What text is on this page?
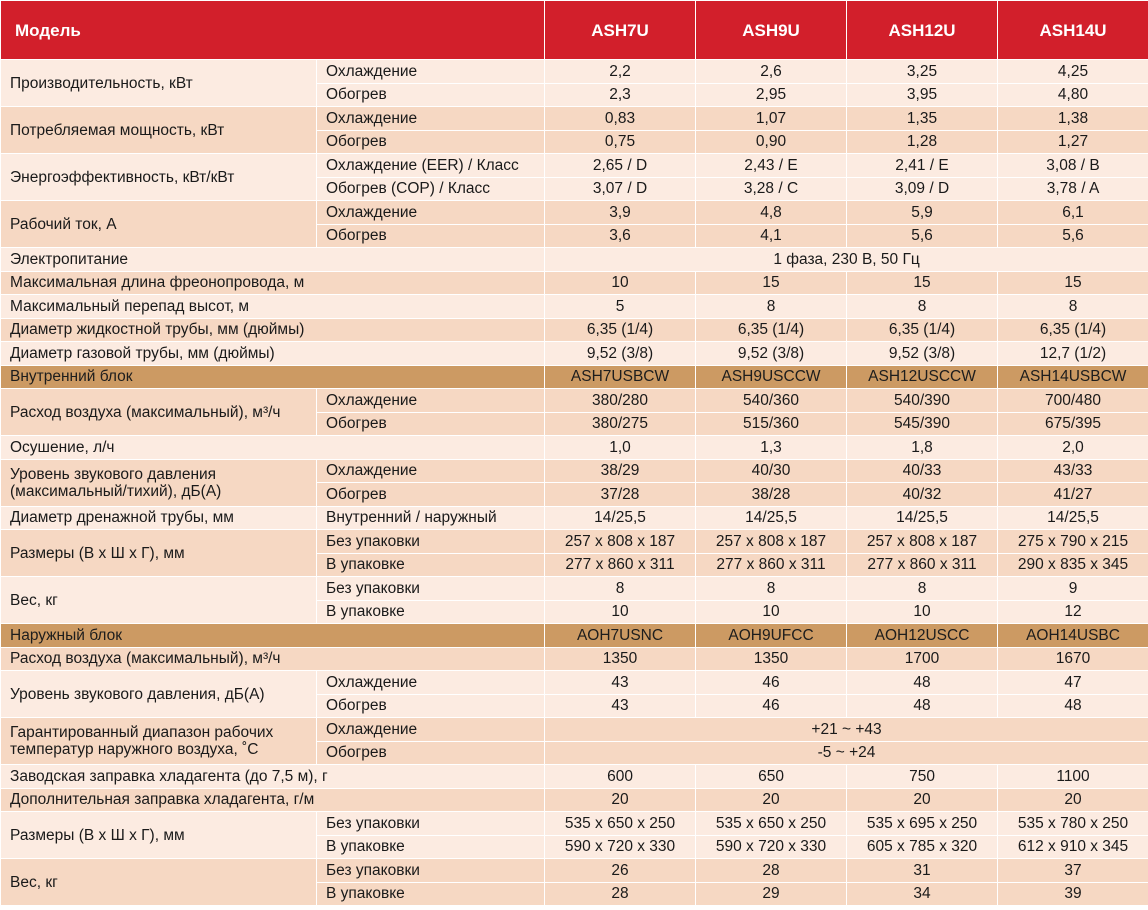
Модель		ASH7U	ASH9U	ASH12U	ASH14U
Производительность, кВт	Охлаждение	2,2	2,6	3,25	4,25
	Обогрев	2,3	2,95	3,95	4,80
Потребляемая мощность, кВт	Охлаждение	0,83	1,07	1,35	1,38
	Обогрев	0,75	0,90	1,28	1,27
Энергоэффективность, кВт/кВт	Охлаждение (EER) / Класс	2,65 / D	2,43 / E	2,41 / E	3,08 / B
	Обогрев (COP) / Класс	3,07 / D	3,28 / C	3,09 / D	3,78 / A
Рабочий ток, А	Охлаждение	3,9	4,8	5,9	6,1
	Обогрев	3,6	4,1	5,6	5,6
Электропитание		1 фаза, 230 В, 50 Гц			
Максимальная длина фреонопровода, м		10	15	15	15
Максимальный перепад высот, м		5	8	8	8
Диаметр жидкостной трубы, мм (дюймы)		6,35 (1/4)	6,35 (1/4)	6,35 (1/4)	6,35 (1/4)
Диаметр газовой трубы, мм (дюймы)		9,52 (3/8)	9,52 (3/8)	9,52 (3/8)	12,7 (1/2)
Внутренний блок		ASH7USBCW	ASH9USCCW	ASH12USCCW	ASH14USBCW
Расход воздуха (максимальный), м³/ч	Охлаждение	380/280	540/360	540/390	700/480
	Обогрев	380/275	515/360	545/390	675/395
Осушение, л/ч		1,0	1,3	1,8	2,0
Уровень звукового давления (максимальный/тихий), дБ(А)	Охлаждение	38/29	40/30	40/33	43/33
	Обогрев	37/28	38/28	40/32	41/27
Диаметр дренажной трубы, мм	Внутренний / наружный	14/25,5	14/25,5	14/25,5	14/25,5
Размеры (В х Ш х Г), мм	Без упаковки	257 x 808 x 187	257 x 808 x 187	257 x 808 x 187	275 x 790 x 215
	В упаковке	277 x 860 x 311	277 x 860 x 311	277 x 860 x 311	290 x 835 x 345
Вес, кг	Без упаковки	8	8	8	9
	В упаковке	10	10	10	12
Наружный блок		AOH7USNC	AOH9UFCC	AOH12USCC	AOH14USBC
Расход воздуха (максимальный), м³/ч		1350	1350	1700	1670
Уровень звукового давления, дБ(А)	Охлаждение	43	46	48	47
	Обогрев	43	46	48	48
Гарантированный диапазон рабочих температур наружного воздуха, ˚С	Охлаждение	+21 ~ +43			
	Обогрев	-5 ~ +24			
Заводская заправка хладагента (до 7,5 м), г		600	650	750	1100
Дополнительная заправка хладагента, г/м		20	20	20	20
Размеры (В х Ш х Г), мм	Без упаковки	535 x 650 x 250	535 x 650 x 250	535 x 695 x 250	535 x 780 x 250
	В упаковке	590 x 720 x 330	590 x 720 x 330	605 x 785 x 320	612 x 910 x 345
Вес, кг	Без упаковки	26	28	31	37
	В упаковке	28	29	34	39
